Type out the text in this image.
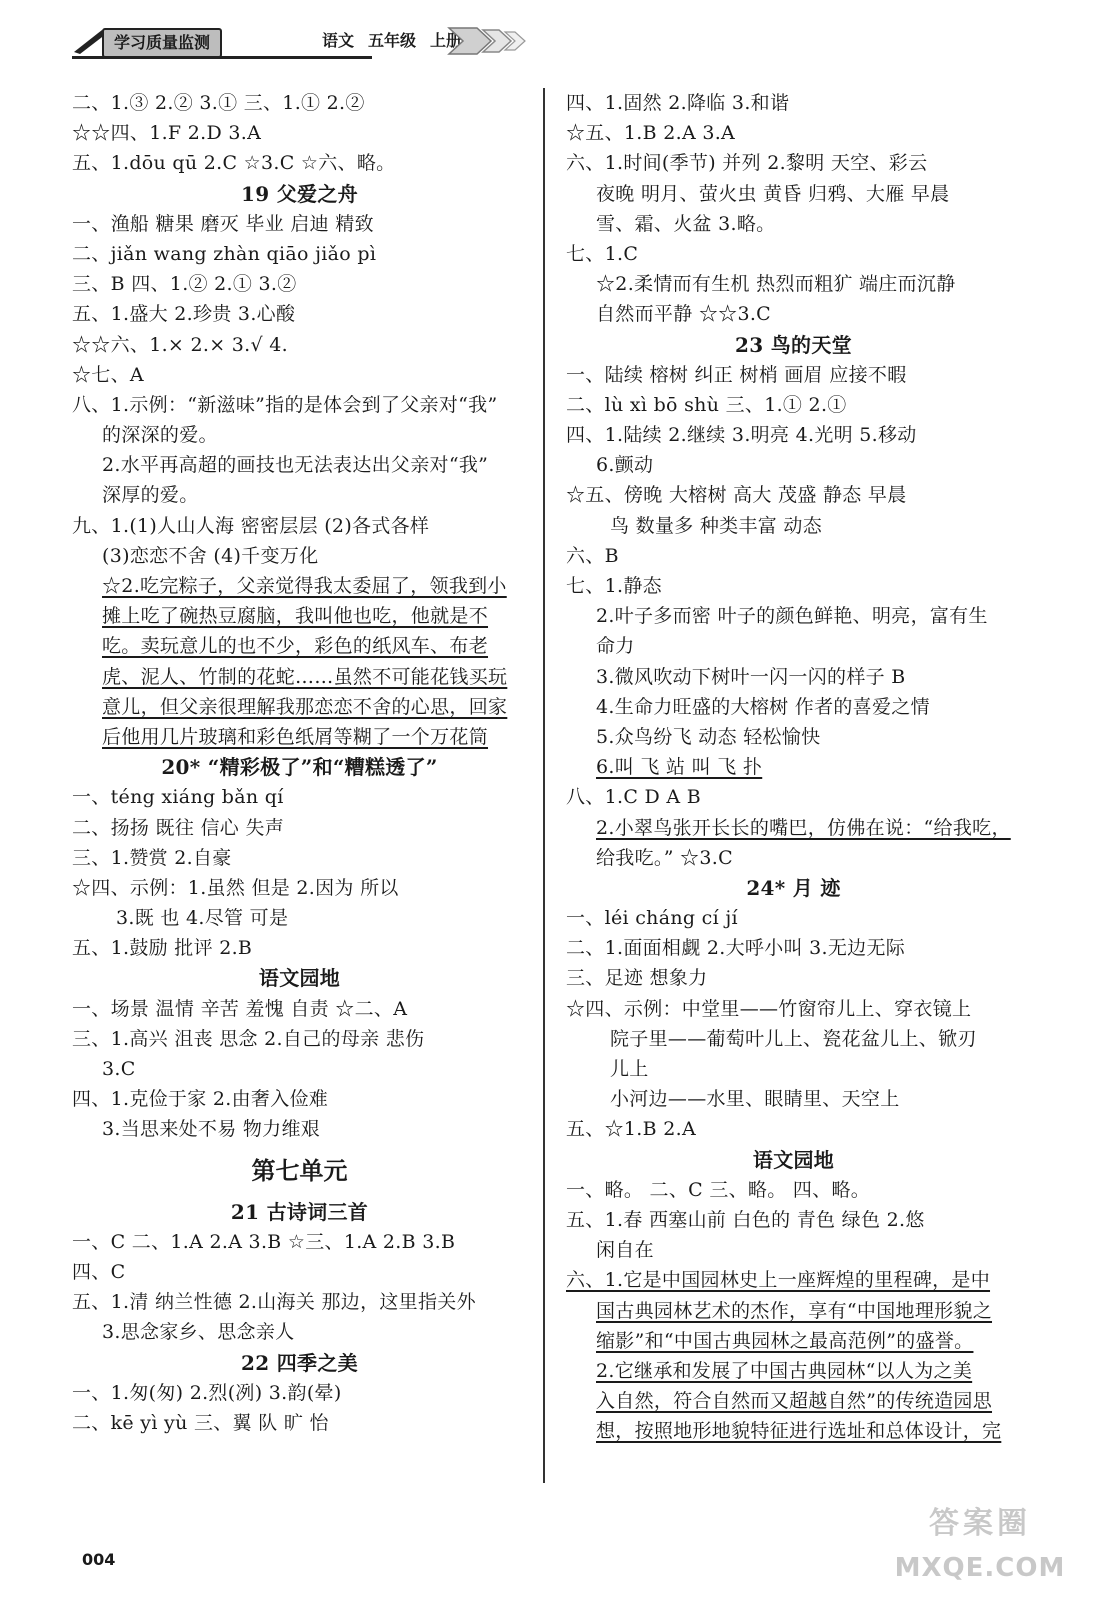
学习质量监测	语文 五年级 上册
二、1.③ 2.② 3.① 三、1.① 2.②
☆☆四、1.F 2.D 3.A
五、1.dōu qū 2.C ☆3.C ☆六、略。
19 父爱之舟
一、渔船 糖果 磨灭 毕业 启迪 精致
二、jiǎn wang zhàn qiāo jiǎo pì
三、B 四、1.② 2.① 3.②
五、1.盛大 2.珍贵 3.心酸
☆☆六、1.× 2.× 3.√ 4.
☆七、A
八、1.示例：“新滋味”指的是体会到了父亲对“我”
的深深的爱。
2.水平再高超的画技也无法表达出父亲对“我”
深厚的爱。
九、1.(1)人山人海 密密层层 (2)各式各样
(3)恋恋不舍 (4)千变万化
☆2.吃完粽子，父亲觉得我太委屈了，领我到小
摊上吃了碗热豆腐脑，我叫他也吃，他就是不
吃。卖玩意儿的也不少，彩色的纸风车、布老
虎、泥人、竹制的花蛇……虽然不可能花钱买玩
意儿，但父亲很理解我那恋恋不舍的心思，回家
后他用几片玻璃和彩色纸屑等糊了一个万花筒
20* “精彩极了”和“糟糕透了”
一、téng xiáng bǎn qí
二、扬扬 既往 信心 失声
三、1.赞赏 2.自豪
☆四、示例：1.虽然 但是 2.因为 所以
3.既 也 4.尽管 可是
五、1.鼓励 批评 2.B
语文园地
一、场景 温情 辛苦 羞愧 自责 ☆二、A
三、1.高兴 沮丧 思念 2.自己的母亲 悲伤
3.C
四、1.克俭于家 2.由奢入俭难
3.当思来处不易 物力维艰
第七单元
21 古诗词三首
一、C 二、1.A 2.A 3.B ☆三、1.A 2.B 3.B
四、C
五、1.清 纳兰性德 2.山海关 那边，这里指关外
3.思念家乡、思念亲人
22 四季之美
一、1.匆(匆) 2.烈(冽) 3.韵(晕)
二、kē yì yù 三、翼 队 旷 怡
四、1.固然 2.降临 3.和谐
☆五、1.B 2.A 3.A
六、1.时间(季节) 并列 2.黎明 天空、彩云
夜晚 明月、萤火虫 黄昏 归鸦、大雁 早晨
雪、霜、火盆 3.略。
七、1.C
☆2.柔情而有生机 热烈而粗犷 端庄而沉静
自然而平静 ☆☆3.C
23 鸟的天堂
一、陆续 榕树 纠正 树梢 画眉 应接不暇
二、lù xì bō shù 三、1.① 2.①
四、1.陆续 2.继续 3.明亮 4.光明 5.移动
6.颤动
☆五、傍晚 大榕树 高大 茂盛 静态 早晨
鸟 数量多 种类丰富 动态
六、B
七、1.静态
2.叶子多而密 叶子的颜色鲜艳、明亮，富有生
命力
3.微风吹动下树叶一闪一闪的样子 B
4.生命力旺盛的大榕树 作者的喜爱之情
5.众鸟纷飞 动态 轻松愉快
6.叫 飞 站 叫 飞 扑
八、1.C D A B
2.小翠鸟张开长长的嘴巴，仿佛在说：“给我吃，
给我吃。” ☆3.C
24* 月 迹
一、léi cháng cí jí
二、1.面面相觑 2.大呼小叫 3.无边无际
三、足迹 想象力
☆四、示例：中堂里——竹窗帘儿上、穿衣镜上
院子里——葡萄叶儿上、瓷花盆儿上、锨刃
儿上
小河边——水里、眼睛里、天空上
五、☆1.B 2.A
语文园地
一、略。 二、C 三、略。 四、略。
五、1.春 西塞山前 白色的 青色 绿色 2.悠
闲自在
六、1.它是中国园林史上一座辉煌的里程碑，是中
国古典园林艺术的杰作，享有“中国地理形貌之
缩影”和“中国古典园林之最高范例”的盛誉。
2.它继承和发展了中国古典园林“以人为之美
入自然，符合自然而又超越自然”的传统造园思
想，按照地形地貌特征进行选址和总体设计，完
004
答案圈
MXQE.COM
